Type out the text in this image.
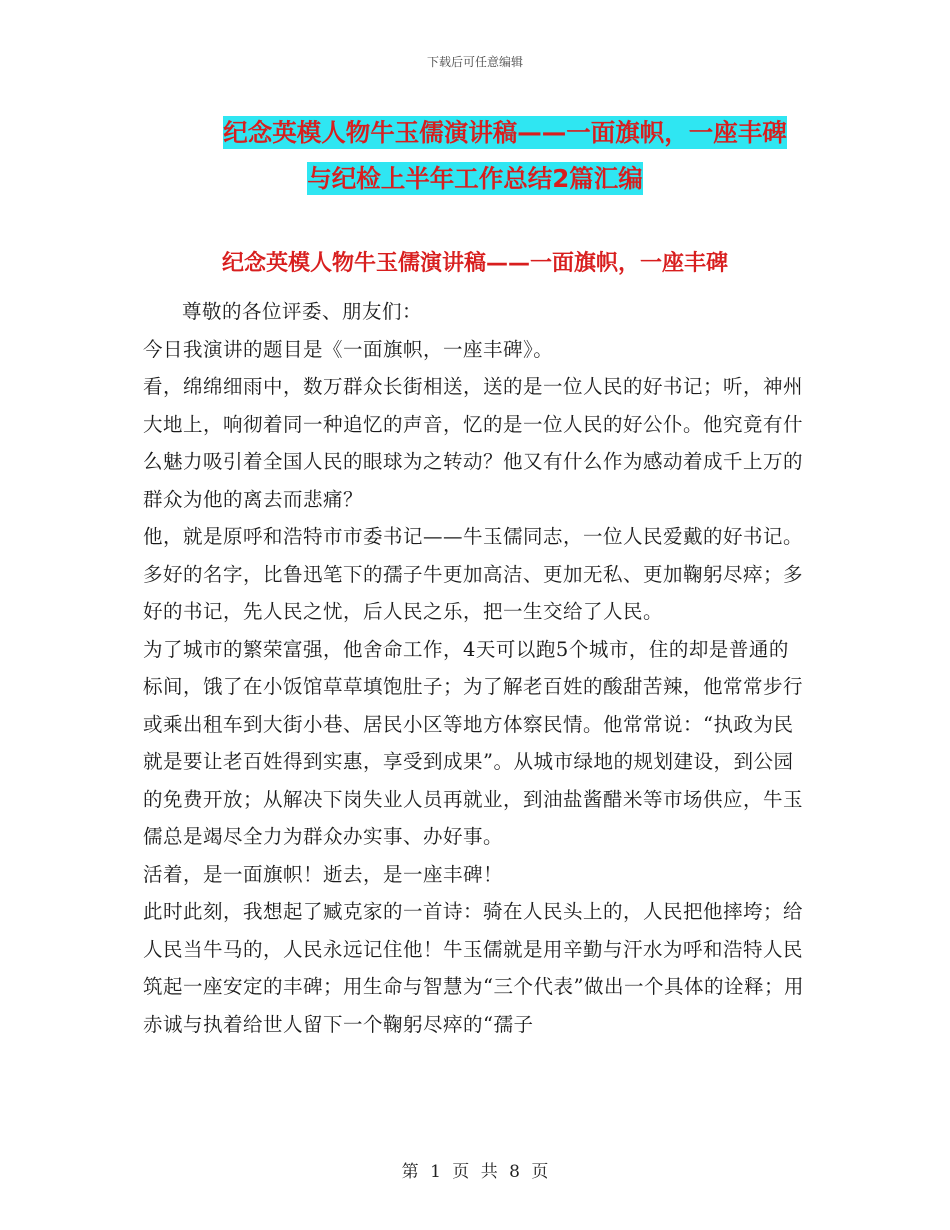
下载后可任意编辑
纪念英模人物牛玉儒演讲稿——一面旗帜，一座丰碑
与纪检上半年工作总结2篇汇编
纪念英模人物牛玉儒演讲稿——一面旗帜，一座丰碑

尊敬的各位评委、朋友们：

今日我演讲的题目是《一面旗帜，一座丰碑》。

看，绵绵细雨中，数万群众长街相送，送的是一位人民的好书记；听，神州大地上，响彻着同一种追忆的声音，忆的是一位人民的好公仆。他究竟有什么魅力吸引着全国人民的眼球为之转动？他又有什么作为感动着成千上万的群众为他的离去而悲痛？

他，就是原呼和浩特市市委书记——牛玉儒同志，一位人民爱戴的好书记。多好的名字，比鲁迅笔下的孺子牛更加高洁、更加无私、更加鞠躬尽瘁；多好的书记，先人民之忧，后人民之乐，把一生交给了人民。

为了城市的繁荣富强，他舍命工作，4天可以跑5个城市，住的却是普通的标间，饿了在小饭馆草草填饱肚子；为了解老百姓的酸甜苦辣，他常常步行或乘出租车到大街小巷、居民小区等地方体察民情。他常常说：“执政为民就是要让老百姓得到实惠，享受到成果”。从城市绿地的规划建设，到公园的免费开放；从解决下岗失业人员再就业，到油盐酱醋米等市场供应，牛玉儒总是竭尽全力为群众办实事、办好事。

活着，是一面旗帜！逝去，是一座丰碑！

此时此刻，我想起了臧克家的一首诗：骑在人民头上的，人民把他摔垮；给人民当牛马的，人民永远记住他！牛玉儒就是用辛勤与汗水为呼和浩特人民筑起一座安定的丰碑；用生命与智慧为“三个代表”做出一个具体的诠释；用赤诚与执着给世人留下一个鞠躬尽瘁的“孺子

第 1 页 共 8 页
